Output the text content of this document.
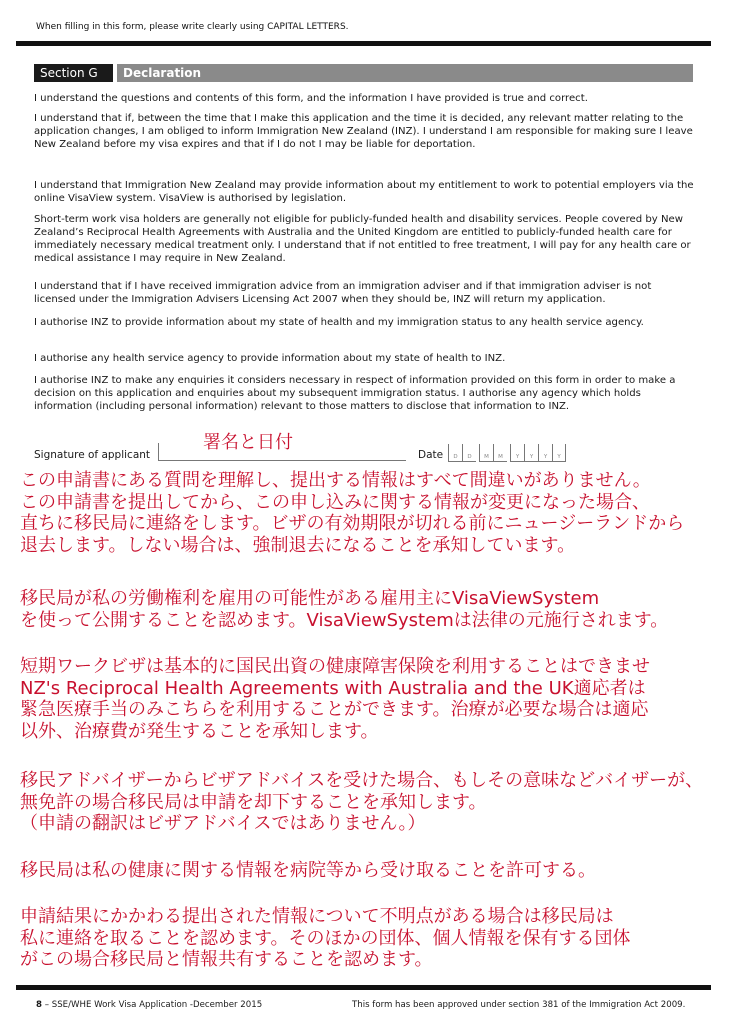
When filling in this form, please write clearly using CAPITAL LETTERS.
Section G	Declaration

I understand the questions and contents of this form, and the information I have provided is true and correct.

I understand that if, between the time that I make this application and the time it is decided, any relevant matter relating to the application changes, I am obliged to inform Immigration New Zealand (INZ). I understand I am responsible for making sure I leave New Zealand before my visa expires and that if I do not I may be liable for deportation.

I understand that Immigration New Zealand may provide information about my entitlement to work to potential employers via the online VisaView system. VisaView is authorised by legislation.

Short-term work visa holders are generally not eligible for publicly-funded health and disability services. People covered by New Zealand’s Reciprocal Health Agreements with Australia and the United Kingdom are entitled to publicly-funded health care for immediately necessary medical treatment only. I understand that if not entitled to free treatment, I will pay for any health care or medical assistance I may require in New Zealand.

I understand that if I have received immigration advice from an immigration adviser and if that immigration adviser is not licensed under the Immigration Advisers Licensing Act 2007 when they should be, INZ will return my application.

I authorise INZ to provide information about my state of health and my immigration status to any health service agency.

I authorise any health service agency to provide information about my state of health to INZ.

I authorise INZ to make any enquiries it considers necessary in respect of information provided on this form in order to make a decision on this application and enquiries about my subsequent immigration status. I authorise any agency which holds information (including personal information) relevant to those matters to disclose that information to INZ.

Signature of applicant
署名と日付
Date	D	D	M	M	Y	Y	Y	Y

この申請書にある質問を理解し、提出する情報はすべて間違いがありません。

この申請書を提出してから、この申し込みに関する情報が変更になった場合、

直ちに移民局に連絡をします。ビザの有効期限が切れる前にニュージーランドから

退去します。しない場合は、強制退去になることを承知しています。

移民局が私の労働権利を雇用の可能性がある雇用主にVisaViewSystem

を使って公開することを認めます。VisaViewSystemは法律の元施行されます。

短期ワークビザは基本的に国民出資の健康障害保険を利用することはできませ

NZ's Reciprocal Health Agreements with Australia and the UK適応者は

緊急医療手当のみこちらを利用することができます。治療が必要な場合は適応

以外、治療費が発生することを承知します。

移民アドバイザーからビザアドバイスを受けた場合、もしその意味などバイザーが、

無免許の場合移民局は申請を却下することを承知します。

（申請の翻訳はビザアドバイスではありません。）

移民局は私の健康に関する情報を病院等から受け取ることを許可する。

申請結果にかかわる提出された情報について不明点がある場合は移民局は

私に連絡を取ることを認めます。そのほかの団体、個人情報を保有する団体

がこの場合移民局と情報共有することを認めます。

8 – SSE/WHE Work Visa Application -December 2015	This form has been approved under section 381 of the Immigration Act 2009.
